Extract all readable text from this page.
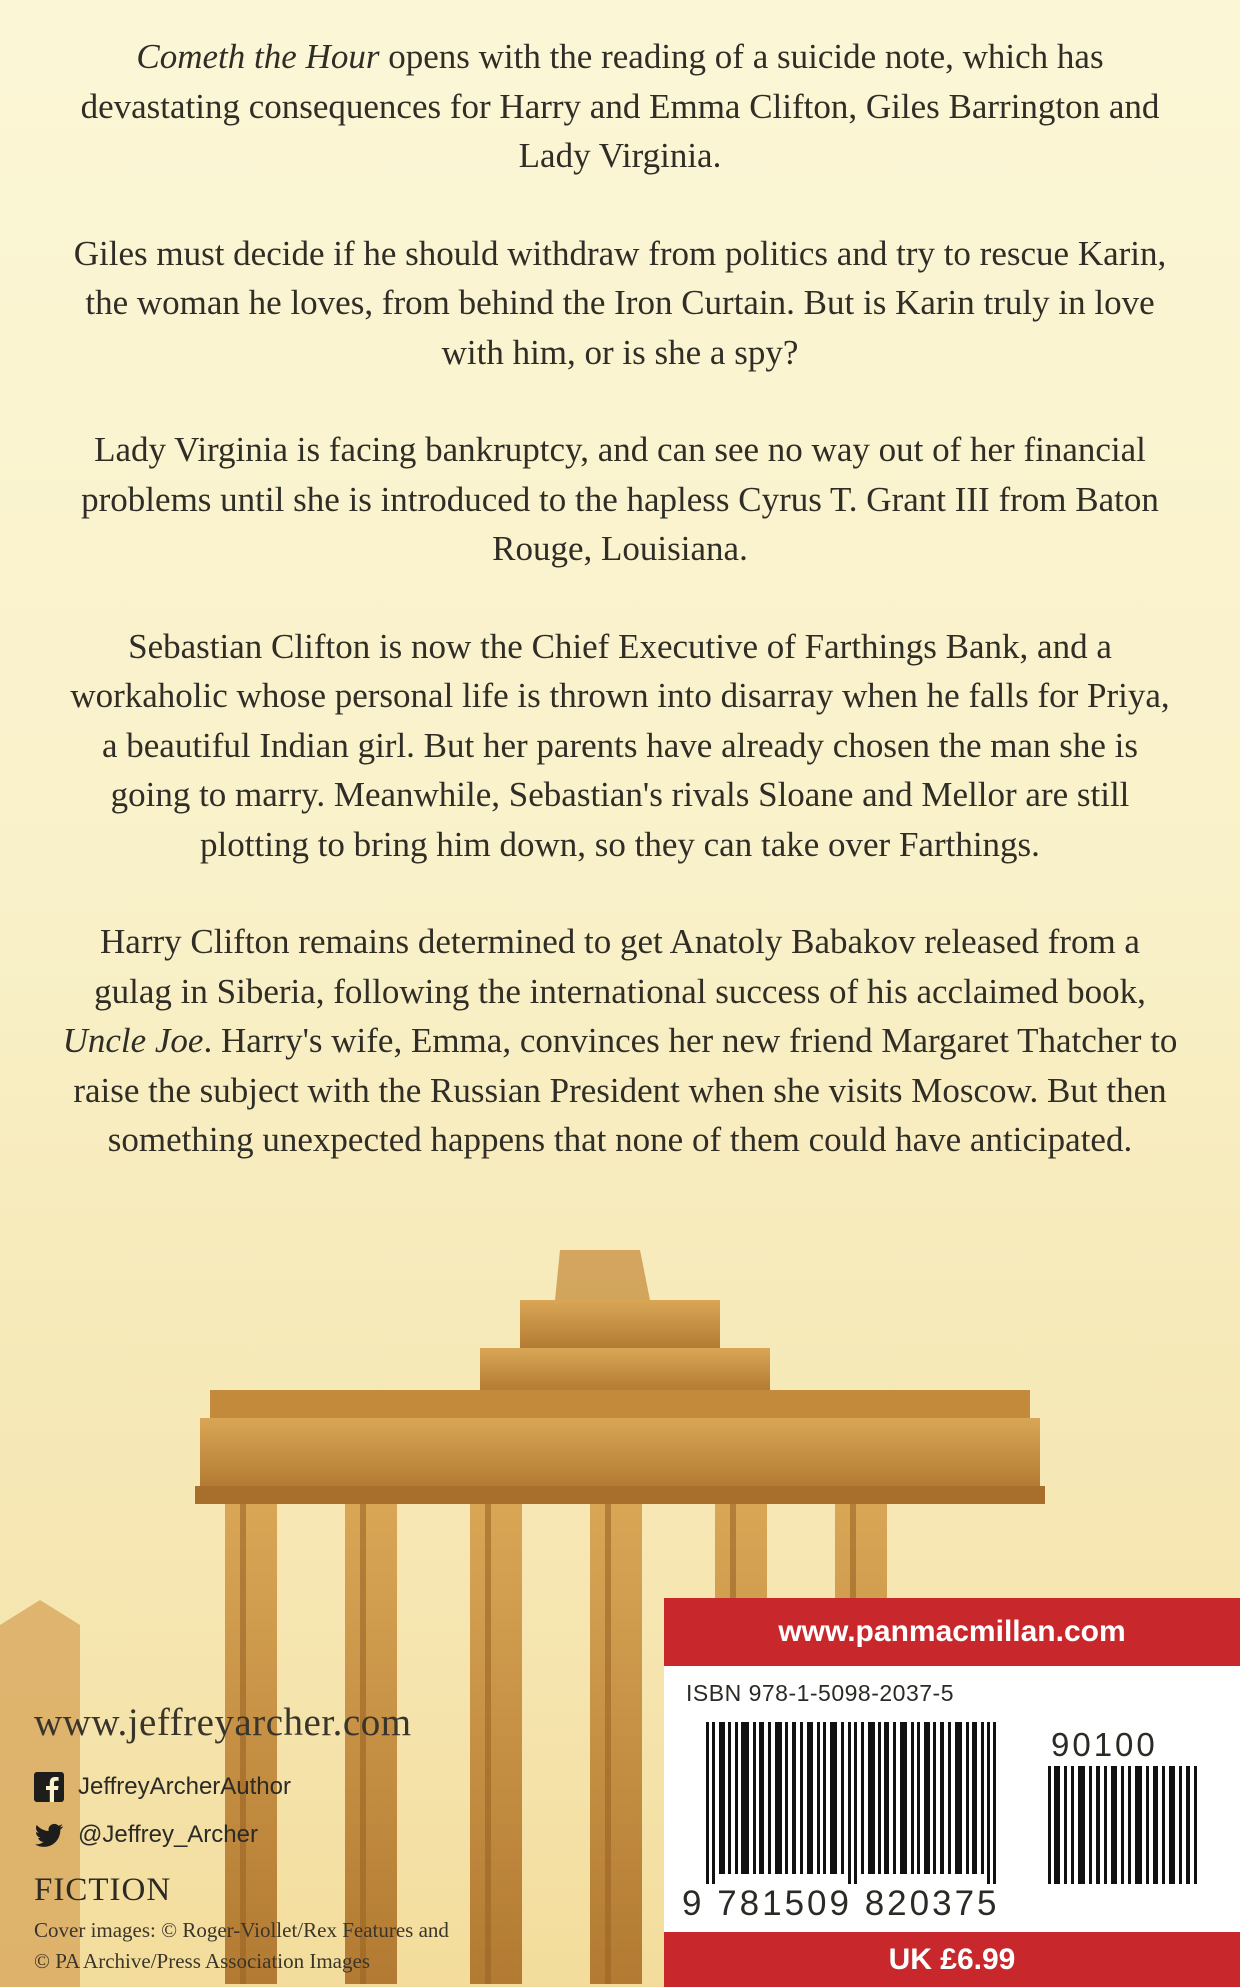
Cometh the Hour opens with the reading of a suicide note, which has devastating consequences for Harry and Emma Clifton, Giles Barrington and Lady Virginia.

Giles must decide if he should withdraw from politics and try to rescue Karin, the woman he loves, from behind the Iron Curtain. But is Karin truly in love with him, or is she a spy?

Lady Virginia is facing bankruptcy, and can see no way out of her financial problems until she is introduced to the hapless Cyrus T. Grant III from Baton Rouge, Louisiana.

Sebastian Clifton is now the Chief Executive of Farthings Bank, and a workaholic whose personal life is thrown into disarray when he falls for Priya, a beautiful Indian girl. But her parents have already chosen the man she is going to marry. Meanwhile, Sebastian's rivals Sloane and Mellor are still plotting to bring him down, so they can take over Farthings.

Harry Clifton remains determined to get Anatoly Babakov released from a gulag in Siberia, following the international success of his acclaimed book, Uncle Joe. Harry's wife, Emma, convinces her new friend Margaret Thatcher to raise the subject with the Russian President when she visits Moscow. But then something unexpected happens that none of them could have anticipated.

www.jeffreyarcher.com
JeffreyArcherAuthor
@Jeffrey_Archer
FICTION
Cover images: © Roger-Viollet/Rex Features and
© PA Archive/Press Association Images
www.panmacmillan.com
ISBN 978-1-5098-2037-5
90100
9 781509 820375
UK £6.99
